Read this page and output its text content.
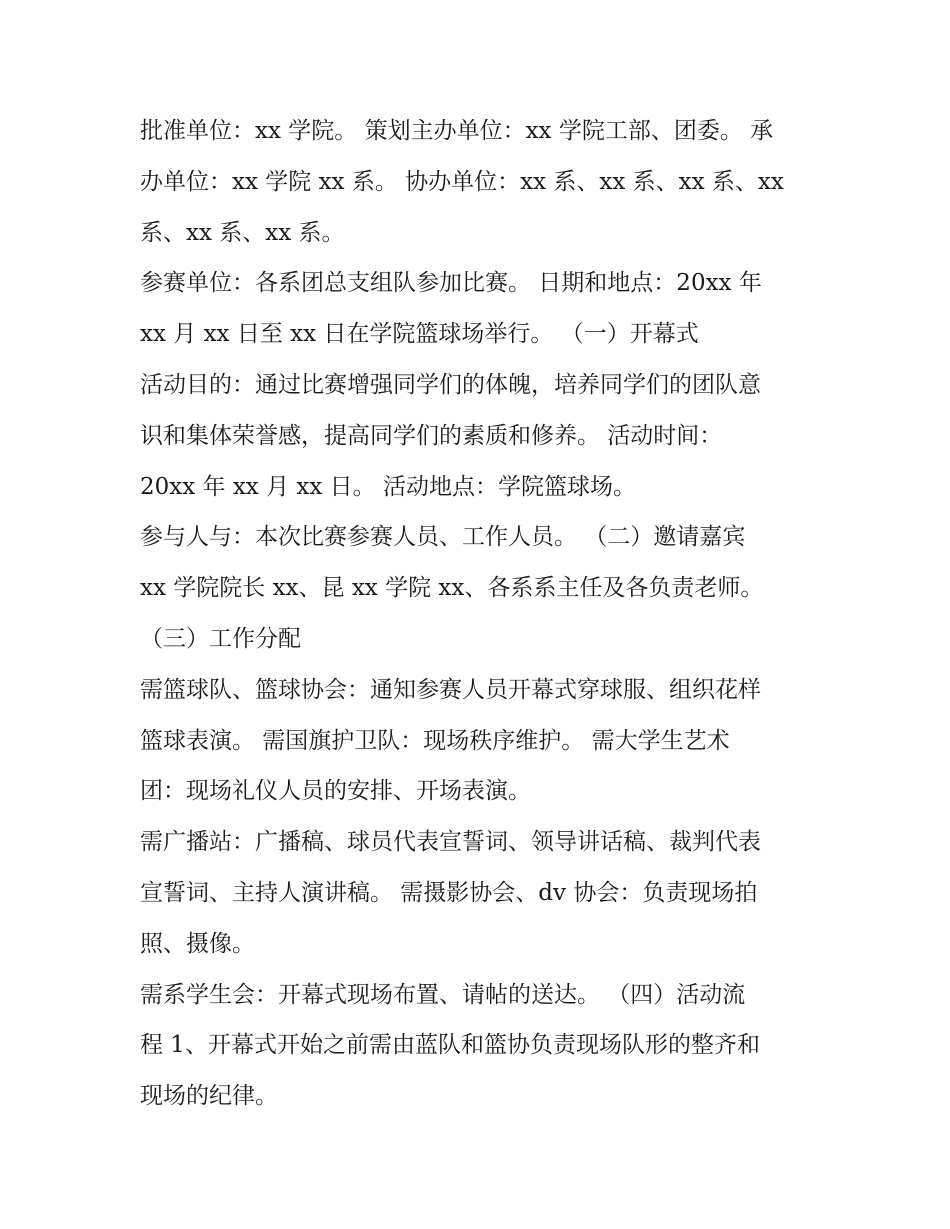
批准单位：xx 学院。 策划主办单位：xx 学院工部、团委。 承

办单位：xx 学院 xx 系。 协办单位：xx 系、xx 系、xx 系、xx

系、xx 系、xx 系。

参赛单位：各系团总支组队参加比赛。 日期和地点：20xx 年

xx 月 xx 日至 xx 日在学院篮球场举行。 （一）开幕式

活动目的：通过比赛增强同学们的体魄，培养同学们的团队意

识和集体荣誉感，提高同学们的素质和修养。 活动时间：

20xx 年 xx 月 xx 日。 活动地点：学院篮球场。

参与人与：本次比赛参赛人员、工作人员。 （二）邀请嘉宾

xx 学院院长 xx、昆 xx 学院 xx、各系系主任及各负责老师。

（三）工作分配

需篮球队、篮球协会：通知参赛人员开幕式穿球服、组织花样

篮球表演。 需国旗护卫队：现场秩序维护。 需大学生艺术

团：现场礼仪人员的安排、开场表演。

需广播站：广播稿、球员代表宣誓词、领导讲话稿、裁判代表

宣誓词、主持人演讲稿。 需摄影协会、dv 协会：负责现场拍

照、摄像。

需系学生会：开幕式现场布置、请帖的送达。 （四）活动流

程 1、开幕式开始之前需由蓝队和篮协负责现场队形的整齐和

现场的纪律。
